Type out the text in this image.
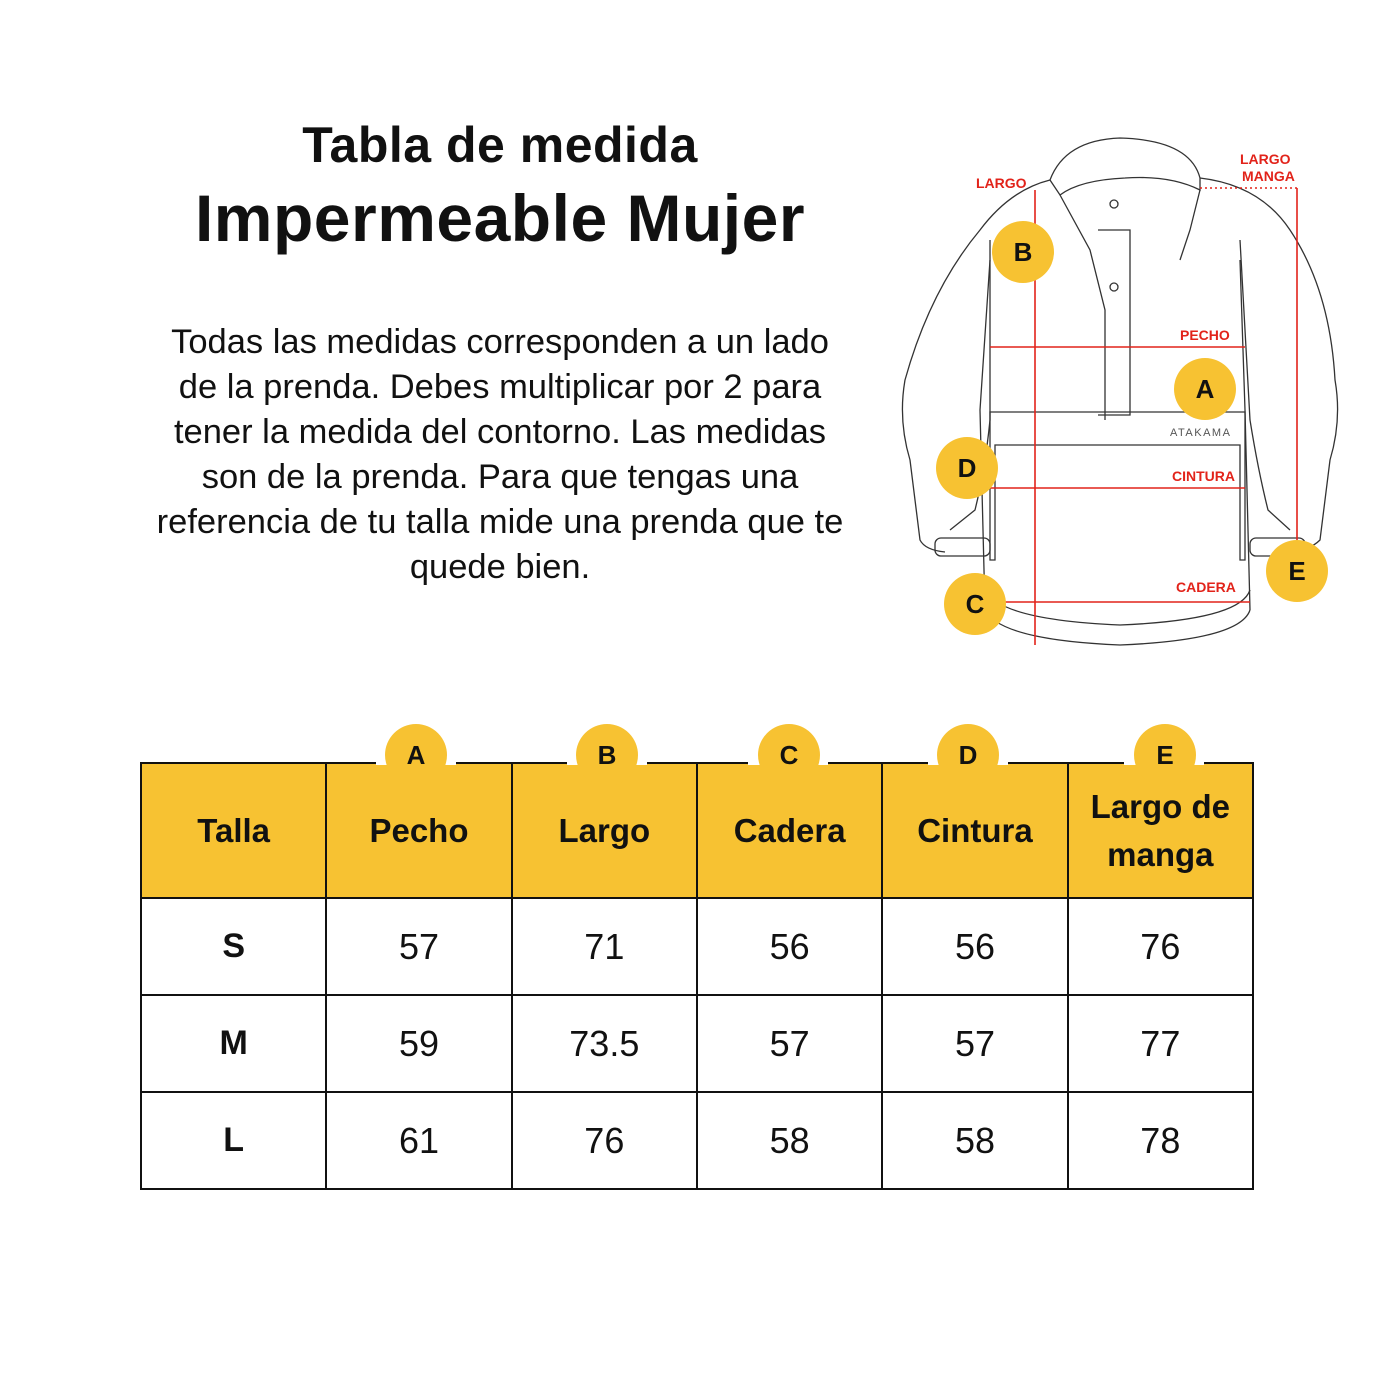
Tabla de medida
Impermeable Mujer
Todas las medidas corresponden a un lado de la prenda. Debes multiplicar por 2 para tener la medida del contorno. Las medidas son de la prenda. Para que tengas una referencia de tu talla mide una prenda que te quede bien.
ATAKAMA
LARGO
LARGO
MANGA
PECHO
CINTURA
CADERA
B
A
D
E
C
Talla	Pecho	Largo	Cadera	Cintura	Largo de manga
S	57	71	56	56	76
M	59	73.5	57	57	77
L	61	76	58	58	78
A	B	C	D	E
